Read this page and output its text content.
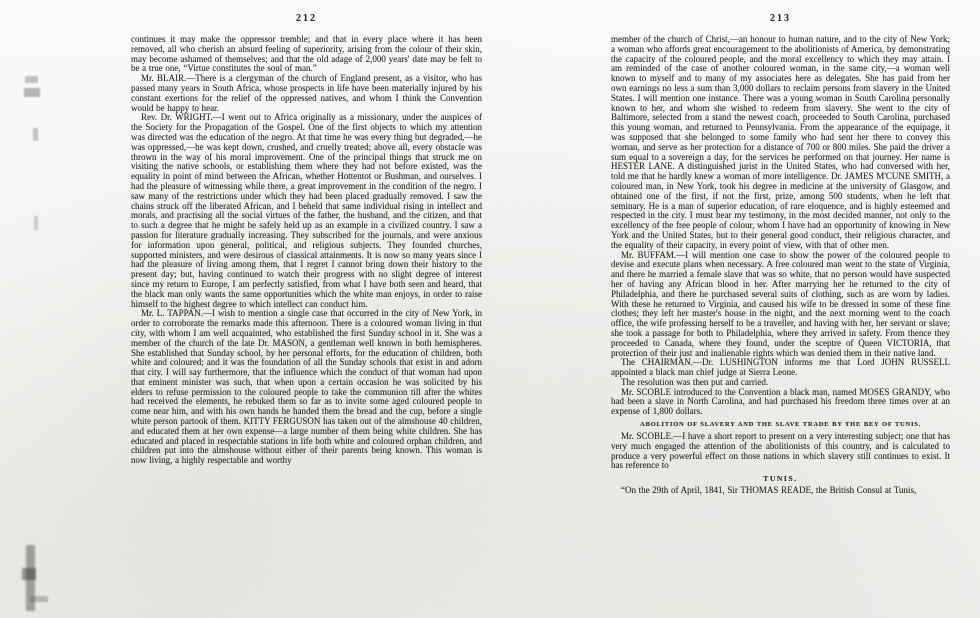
212

continues it may make the oppressor tremble; and that in every place where it has been removed, all who cherish an absurd feeling of superiority, arising from the colour of their skin, may become ashamed of themselves; and that the old adage of 2,000 years' date may be felt to be a true one, “Virtue constitutes the soul of man.”

Mr. BLAIR.—There is a clergyman of the church of England present, as a visitor, who has passed many years in South Africa, whose prospects in life have been materially injured by his constant exertions for the relief of the oppressed natives, and whom I think the Convention would be happy to hear.

Rev. Dr. WRIGHT.—I went out to Africa originally as a missionary, under the auspices of the Society for the Propagation of the Gospel. One of the first objects to which my attention was directed was the education of the negro. At that time he was every thing but degraded,—he was oppressed,—he was kept down, crushed, and cruelly treated; above all, every obstacle was thrown in the way of his moral improvement. One of the principal things that struck me on visiting the native schools, or establishing them where they had not before existed, was the equality in point of mind between the African, whether Hottentot or Bushman, and ourselves. I had the pleasure of witnessing while there, a great improvement in the condition of the negro. I saw many of the restrictions under which they had been placed gradually removed. I saw the chains struck off the liberated African, and I beheld that same individual rising in intellect and morals, and practising all the social virtues of the father, the husband, and the citizen, and that to such a degree that he might be safely held up as an example in a civilized country. I saw a passion for literature gradually increasing. They subscribed for the journals, and were anxious for information upon general, political, and religious subjects. They founded churches, supported ministers, and were desirous of classical attainments. It is now so many years since I had the pleasure of living among them, that I regret I cannot bring down their history to the present day; but, having continued to watch their progress with no slight degree of interest since my return to Europe, I am perfectly satisfied, from what I have both seen and heard, that the black man only wants the same opportunities which the white man enjoys, in order to raise himself to the highest degree to which intellect can conduct him.

Mr. L. TAPPAN.—I wish to mention a single case that occurred in the city of New York, in order to corroborate the remarks made this afternoon. There is a coloured woman living in that city, with whom I am well acquainted, who established the first Sunday school in it. She was a member of the church of the late Dr. MASON, a gentleman well known in both hemispheres. She established that Sunday school, by her personal efforts, for the education of children, both white and coloured; and it was the foundation of all the Sunday schools that exist in and adorn that city. I will say furthermore, that the influence which the conduct of that woman had upon that eminent minister was such, that when upon a certain occasion he was solicited by his elders to refuse permission to the coloured people to take the communion till after the whites had received the elements, he rebuked them so far as to invite some aged coloured people to come near him, and with his own hands he handed them the bread and the cup, before a single white person partook of them. KITTY FERGUSON has taken out of the almshouse 40 children, and educated them at her own expense—a large number of them being white children. She has educated and placed in respectable stations in life both white and coloured orphan children, and children put into the almshouse without either of their parents being known. This woman is now living, a highly respectable and worthy

213

member of the church of Christ,—an honour to human nature, and to the city of New York; a woman who affords great encouragement to the abolitionists of America, by demonstrating the capacity of the coloured people, and the moral excellency to which they may attain. I am reminded of the case of another coloured woman, in the same city,—a woman well known to myself and to many of my associates here as delegates. She has paid from her own earnings no less a sum than 3,000 dollars to reclaim persons from slavery in the United States. I will mention one instance. There was a young woman in South Carolina personally known to her, and whom she wished to redeem from slavery. She went to the city of Baltimore, selected from a stand the newest coach, proceeded to South Carolina, purchased this young woman, and returned to Pennsylvania. From the appearance of the equipage, it was supposed that she belonged to some family who had sent her there to convey this woman, and serve as her protection for a distance of 700 or 800 miles. She paid the driver a sum equal to a sovereign a day, for the services he performed on that journey. Her name is HESTER LANE. A distinguished jurist in the United States, who had conversed with her, told me that he hardly knew a woman of more intelligence. Dr. JAMES M'CUNE SMITH, a coloured man, in New York, took his degree in medicine at the university of Glasgow, and obtained one of the first, if not the first, prize, among 500 students, when he left that seminary. He is a man of superior education, of rare eloquence, and is highly esteemed and respected in the city. I must bear my testimony, in the most decided manner, not only to the excellency of the free people of colour, whom I have had an opportunity of knowing in New York and the United States, but to their general good conduct, their religious character, and the equality of their capacity, in every point of view, with that of other men.

Mr. BUFFAM.—I will mention one case to show the power of the coloured people to devise and execute plans when necessary. A free coloured man went to the state of Virginia, and there he married a female slave that was so white, that no person would have suspected her of having any African blood in her. After marrying her he returned to the city of Philadelphia, and there he purchased several suits of clothing, such as are worn by ladies. With these he returned to Virginia, and caused his wife to be dressed in some of these fine clothes; they left her master's house in the night, and the next morning went to the coach office, the wife professing herself to be a traveller, and having with her, her servant or slave; she took a passage for both to Philadelphia, where they arrived in safety. From thence they proceeded to Canada, where they found, under the sceptre of Queen VICTORIA, that protection of their just and inalienable rights which was denied them in their native land.

The CHAIRMAN.—Dr. LUSHINGTON informs me that Lord JOHN RUSSELL appointed a black man chief judge at Sierra Leone.

The resolution was then put and carried.

Mr. SCOBLE introduced to the Convention a black man, named MOSES GRANDY, who had been a slave in North Carolina, and had purchased his freedom three times over at an expense of 1,800 dollars.

ABOLITION OF SLAVERY AND THE SLAVE TRADE BY THE BEY OF TUNIS.

Mr. SCOBLE.—I have a short report to present on a very interesting subject; one that has very much engaged the attention of the abolitionists of this country, and is calculated to produce a very powerful effect on those nations in which slavery still continues to exist. It has reference to

TUNIS.

“On the 29th of April, 1841, Sir THOMAS READE, the British Consul at Tunis,
